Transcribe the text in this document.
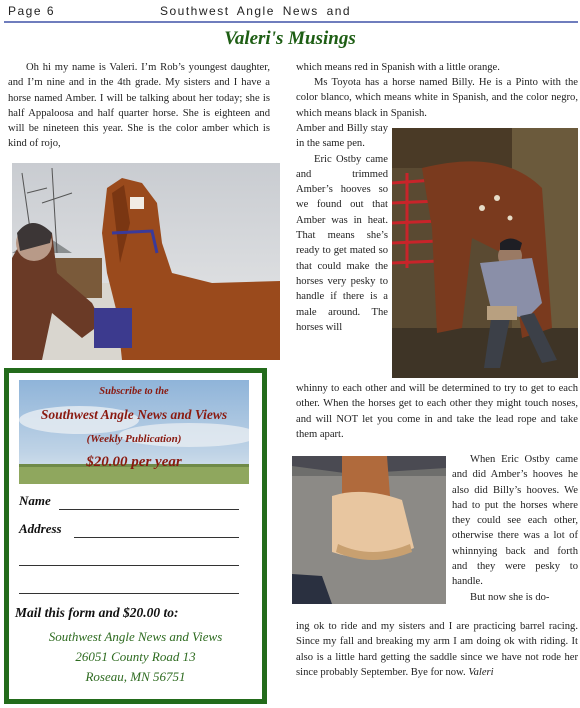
Page 6	Southwest Angle News and
Valeri's Musings

Oh hi my name is Valeri. I’m Rob’s youngest daughter, and I’m nine and in the 4th grade. My sisters and I have a horse named Amber. I will be talking about her today; she is half Appaloosa and half quarter horse. She is eighteen and will be nineteen this year. She is the color amber which is kind of rojo,

Subscribe to the
Southwest Angle News and Views
(Weekly Publication)
$20.00 per year
Name
Address
Mail this form and $20.00 to:
Southwest Angle News and Views
26051 County Road 13
Roseau, MN 56751

which means red in Spanish with a little orange.

Ms Toyota has a horse named Billy. He is a Pinto with the color blanco, which means white in Spanish, and the color negro, which means black in Spanish.

Amber and Billy stay in the same pen.

Eric Ostby came and trimmed Amber’s hooves so we found out that Amber was in heat. That means she’s ready to get mated so that could make the horses very pesky to handle if there is a male around. The horses will

whinny to each other and will be determined to try to get to each other. When the horses get to each other they might touch noses, and will NOT let you come in and take the lead rope and take them apart.

When Eric Ostby came and did Amber’s hooves he also did Billy’s hooves. We had to put the horses where they could see each other, otherwise there was a lot of whinnying back and forth and they were pesky to handle.

But now she is do-

ing ok to ride and my sisters and I are practicing barrel racing. Since my fall and breaking my arm I am doing ok with riding. It also is a little hard getting the saddle since we have not rode her since probably September. Bye for now. Valeri
